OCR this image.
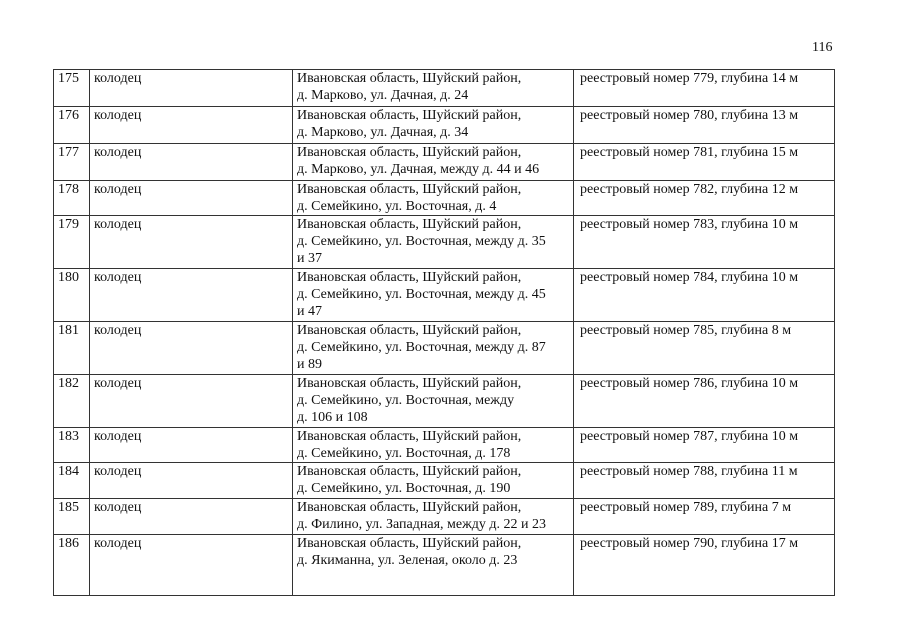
116
175	колодец	Ивановская область, Шуйский район,
д. Марково, ул. Дачная, д. 24	реестровый номер 779, глубина 14 м
176	колодец	Ивановская область, Шуйский район,
д. Марково, ул. Дачная, д. 34	реестровый номер 780, глубина 13 м
177	колодец	Ивановская область, Шуйский район,
д. Марково, ул. Дачная, между д. 44 и 46	реестровый номер 781, глубина 15 м
178	колодец	Ивановская область, Шуйский район,
д. Семейкино, ул. Восточная, д. 4	реестровый номер 782, глубина 12 м
179	колодец	Ивановская область, Шуйский район,
д. Семейкино, ул. Восточная, между д. 35
и 37	реестровый номер 783, глубина 10 м
180	колодец	Ивановская область, Шуйский район,
д. Семейкино, ул. Восточная, между д. 45
и 47	реестровый номер 784, глубина 10 м
181	колодец	Ивановская область, Шуйский район,
д. Семейкино, ул. Восточная, между д. 87
и 89	реестровый номер 785, глубина 8 м
182	колодец	Ивановская область, Шуйский район,
д. Семейкино, ул. Восточная, между
д. 106 и 108	реестровый номер 786, глубина 10 м
183	колодец	Ивановская область, Шуйский район,
д. Семейкино, ул. Восточная, д. 178	реестровый номер 787, глубина 10 м
184	колодец	Ивановская область, Шуйский район,
д. Семейкино, ул. Восточная, д. 190	реестровый номер 788, глубина 11 м
185	колодец	Ивановская область, Шуйский район,
д. Филино, ул. Западная, между д. 22 и 23	реестровый номер 789, глубина 7 м
186	колодец	Ивановская область, Шуйский район,
д. Якиманна, ул. Зеленая, около д. 23	реестровый номер 790, глубина 17 м
